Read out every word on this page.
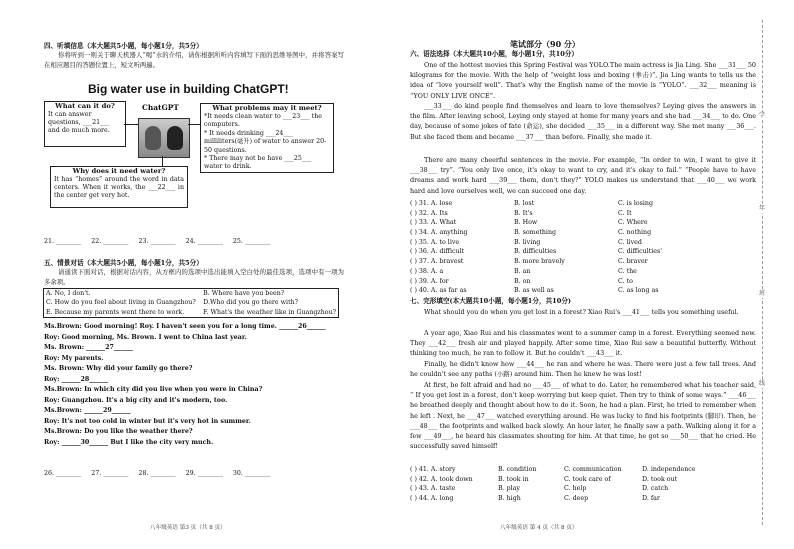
四、听填信息（本大题共5小题，每小题1分，共5分）
你将听到一则关于聊天机器人“喝”水的介绍，请你根据所听内容填写下面的思维导图中，并将答案写在相应题目的答题位置上，短文听两遍。
Big water use in building ChatGPT!
What can it do?
It can answer questions, ___21___ and do much more.
ChatGPT	What problems may it meet?
*It needs clean water to ___23___ the computers.
* It needs drinking ___24___ milliliters(毫升) of water to answer 20-50 questions.
* There may not be have ___25___ water to drink.
Why does it need water?
It has “homes” around the word in data centers. When it works, the ___22___ in the center get very hot.
21. ________ 22. ________ 23. ________ 24. ________ 25. ________
五、情景对话（本大题共5小题，每小题1分，共5分）
请通读下面对话，根据对话内容，从方框内的选项中选出能填入空白处的最佳选项，选项中有一项为多余项。
A. No, I don't.	B. Where have you been?
C. How do you feel about living in Guangzhou?	D.Who did you go there with?
E. Because my parents went there to work.	F. What's the weather like in Guangzhou?
Ms.Brown: Good morning! Roy. I haven't seen you for a long time. ______26______
Roy: Good morning, Ms. Brown. I went to China last year.
Ms. Brown: ______27______
Roy: My parents.
Ms. Brown: Why did your family go there?
Roy: ______28______
Ms.Brown: In which city did you live when you were in China?
Roy: Guangzhou. It's a big city and it's modern, too.
Ms.Brown: ______29______
Roy: It's not too cold in winter but it's very hot in summer.
Ms.Brown: Do you like the weather there?
Roy: ______30______ But I like the city very much.
26. ________ 27. ________ 28. ________ 29. ________ 30. ________
八年级英语 第3 页（共 8 页）
笔试部分（90 分）
六、语法选择（本大题共10小题，每小题1分，共10分）
One of the hottest movies this Spring Festival was YOLO.The main actress is Jia Ling. She ___31___ 50 kilograms for the movie. With the help of “weight loss and boxing (拳击)”, Jia Ling wants to tells us the idea of “love yourself well”. That's why the English name of the movie is “YOLO”. ___32___ meaning is “YOU ONLY LIVE ONCE”.
___33___ do kind people find themselves and learn to love themselves? Leying gives the answers in the film. After leaving school, Leying only stayed at home for many years and she had ___34___ to do. One day, because of some jokes of fate (命运), she decided ___35___ in a different way. She met many ___36___. But she faced them and became ___37___ than before. Finally, she made it.
There are many cheerful sentences in the movie. For example, “In order to win, I want to give it ___38___ try”. “You only live once, it's okay to want to cry, and it's okay to fail.” “People have to have dreams and work hard ___39___ them, don't they?” YOLO makes us understand that ___40___ we work hard and love ourselves well, we can succeed one day.
( ) 31. A. lose	B. lost	C. is losing
( ) 32. A. Its	B. It's	C. It
( ) 33. A. What	B. How	C. Where
( ) 34. A. anything	B. something	C. nothing
( ) 35. A. to live	B. living	C. lived
( ) 36. A. difficult	B. difficulties	C. difficulties'
( ) 37. A. bravest	B. more bravely	C. braver
( ) 38. A. a	B. an	C. the
( ) 39. A. for	B. on	C. to
( ) 40. A. as far as	B. as well as	C. as long as
七、完形填空(本大题共10小题，每小题1分，共10分)
What should you do when you get lost in a forest? Xiao Rui's ___41___ tells you something useful.
A year ago, Xiao Rui and his classmates went to a summer camp in a forest. Everything seemed new. They ___42___ fresh air and played happily. After some time, Xiao Rui saw a beautiful butterfly. Without thinking too much, he ran to follow it. But he couldn't ___43___ it.
Finally, he didn't know how ___44___ he ran and where he was. There were just a few tall trees. And he couldn't see any paths (小路) around him. Then he knew he was lost!
At first, he felt afraid and had no ___45___ of what to do. Later, he remembered what his teacher said, “ If you get lost in a forest, don't keep worrying but keep quiet. Then try to think of some ways.” ___46___ he breathed deeply and thought about how to do it. Soon, he had a plan. First, he tried to remember when he left . Next, he ___47___ watched everything around. He was lucky to find his footprints (脚印). Then, he ___48___ the footprints and walked back slowly. An hour later, he finally saw a path. Walking along it for a few ___49___, he heard his classmates shouting for him. At that time, he got so ___50___ that he cried. He successfully saved himself!
( ) 41. A. story	B. condition	C. communication	D. independence
( ) 42. A. took down	B. took in	C. took care of	D. took out
( ) 43. A. taste	B. play	C. help	D. catch
( ) 44. A. long	B. high	C. deep	D. far
八年级英语 第 4 页（共 8 页）
学
年
班
线
